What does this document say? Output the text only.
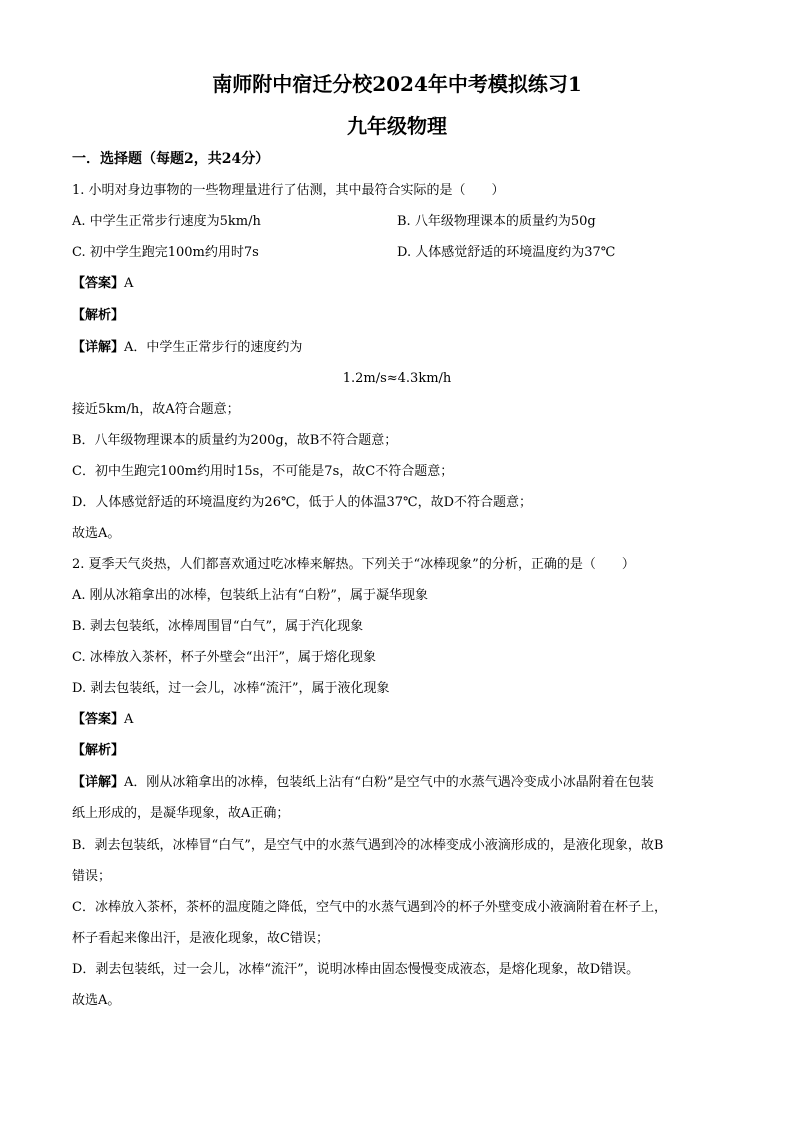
南师附中宿迁分校2024年中考模拟练习1
九年级物理
一．选择题（每题2，共24分）
1. 小明对身边事物的一些物理量进行了估测，其中最符合实际的是（　　）
A. 中学生正常步行速度为5km/h	B. 八年级物理课本的质量约为50g
C. 初中学生跑完100m约用时7s	D. 人体感觉舒适的环境温度约为37℃
【答案】A
【解析】
【详解】A．中学生正常步行的速度约为
1.2m/s≈4.3km/h
接近5km/h，故A符合题意；
B．八年级物理课本的质量约为200g，故B不符合题意；
C．初中生跑完100m约用时15s，不可能是7s，故C不符合题意；
D．人体感觉舒适的环境温度约为26℃，低于人的体温37℃，故D不符合题意；
故选A。
2. 夏季天气炎热，人们都喜欢通过吃冰棒来解热。下列关于“冰棒现象”的分析，正确的是（　　）
A. 刚从冰箱拿出的冰棒，包装纸上沾有“白粉”，属于凝华现象
B. 剥去包装纸，冰棒周围冒“白气”，属于汽化现象
C. 冰棒放入茶杯，杯子外壁会“出汗”，属于熔化现象
D. 剥去包装纸，过一会儿，冰棒“流汗”，属于液化现象
【答案】A
【解析】
【详解】A．刚从冰箱拿出的冰棒，包装纸上沾有“白粉”是空气中的水蒸气遇冷变成小冰晶附着在包装
纸上形成的，是凝华现象，故A正确；
B．剥去包装纸，冰棒冒“白气”，是空气中的水蒸气遇到冷的冰棒变成小液滴形成的，是液化现象，故B
错误；
C．冰棒放入茶杯，茶杯的温度随之降低，空气中的水蒸气遇到冷的杯子外壁变成小液滴附着在杯子上，
杯子看起来像出汗，是液化现象，故C错误；
D．剥去包装纸，过一会儿，冰棒“流汗”，说明冰棒由固态慢慢变成液态，是熔化现象，故D错误。
故选A。
